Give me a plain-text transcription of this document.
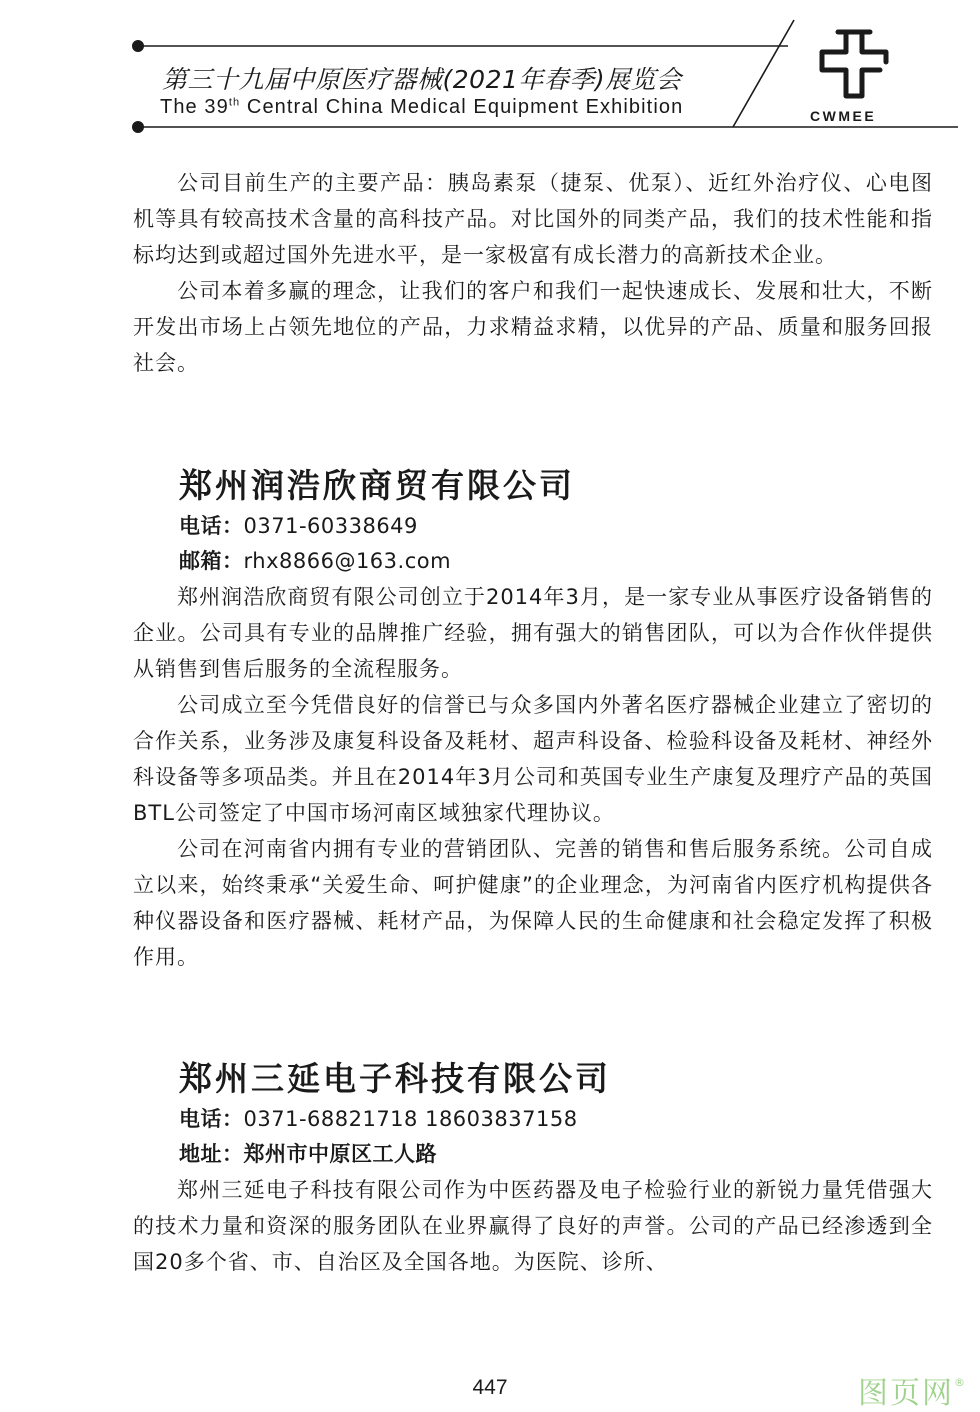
第三十九届中原医疗器械(2021年春季)展览会
The 39th Central China Medical Equipment Exhibition	CWMEE

公司目前生产的主要产品：胰岛素泵（捷泵、优泵）、近红外治疗仪、心电图机等具有较高技术含量的高科技产品。对比国外的同类产品，我们的技术性能和指标均达到或超过国外先进水平，是一家极富有成长潜力的高新技术企业。

公司本着多赢的理念，让我们的客户和我们一起快速成长、发展和壮大，不断开发出市场上占领先地位的产品，力求精益求精，以优异的产品、质量和服务回报社会。

郑州润浩欣商贸有限公司

电话：0371-60338649

邮箱：rhx8866@163.com

郑州润浩欣商贸有限公司创立于2014年3月，是一家专业从事医疗设备销售的企业。公司具有专业的品牌推广经验，拥有强大的销售团队，可以为合作伙伴提供从销售到售后服务的全流程服务。

公司成立至今凭借良好的信誉已与众多国内外著名医疗器械企业建立了密切的合作关系，业务涉及康复科设备及耗材、超声科设备、检验科设备及耗材、神经外科设备等多项品类。并且在2014年3月公司和英国专业生产康复及理疗产品的英国BTL公司签定了中国市场河南区域独家代理协议。

公司在河南省内拥有专业的营销团队、完善的销售和售后服务系统。公司自成立以来，始终秉承“关爱生命、呵护健康”的企业理念，为河南省内医疗机构提供各种仪器设备和医疗器械、耗材产品，为保障人民的生命健康和社会稳定发挥了积极作用。

郑州三延电子科技有限公司

电话：0371-68821718 18603837158

地址：郑州市中原区工人路

郑州三延电子科技有限公司作为中医药器及电子检验行业的新锐力量凭借强大的技术力量和资深的服务团队在业界赢得了良好的声誉。公司的产品已经渗透到全国20多个省、市、自治区及全国各地。为医院、诊所、

447	图页网®
